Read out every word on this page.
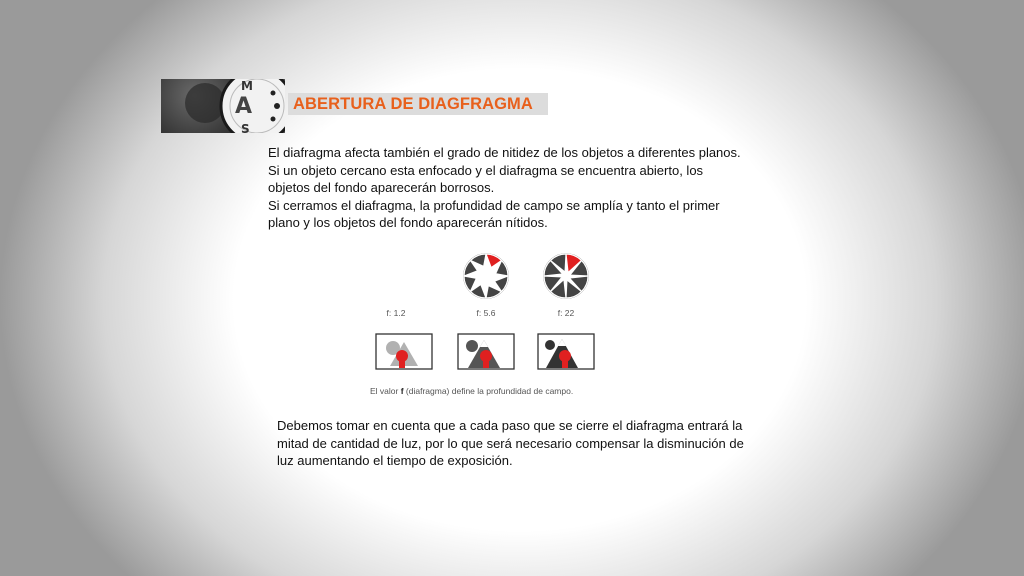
M
A
S
ABERTURA DE DIAGFRAGMA
El diafragma afecta también el grado de nitidez de los objetos a diferentes planos.
Si un objeto cercano esta enfocado y el diafragma se encuentra abierto, los
objetos del fondo aparecerán borrosos.
Si cerramos el diafragma, la profundidad de campo se amplía y tanto el primer
plano y los objetos del fondo aparecerán nítidos.
f: 1.2	f: 5.6	f: 22
El valor f (diafragma) define la profundidad de campo.
Debemos tomar en cuenta que a cada paso que se cierre el diafragma entrará la
mitad de cantidad de luz, por lo que será necesario compensar la disminución de
luz aumentando el tiempo de exposición.
